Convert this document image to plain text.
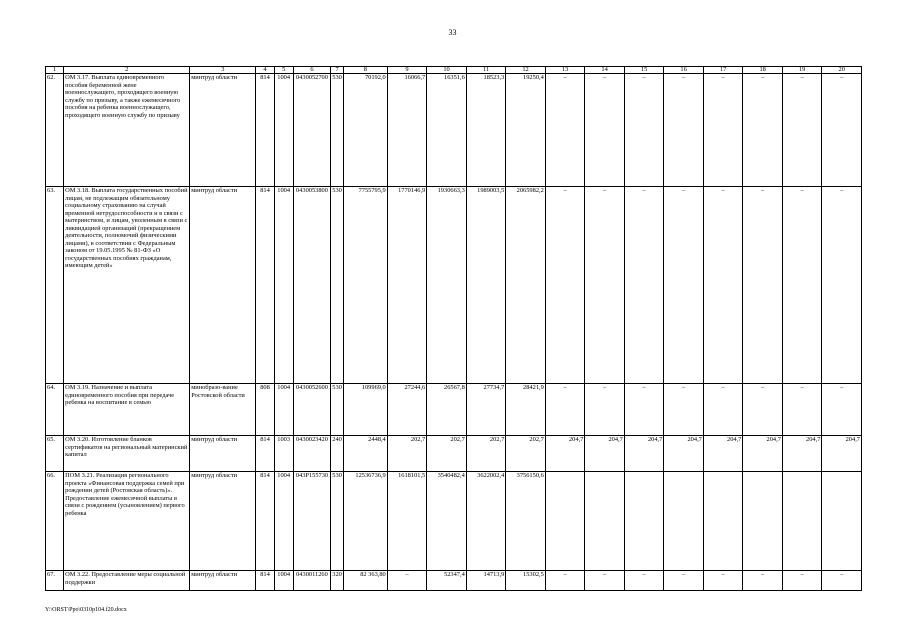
33
1	2	3	4	5	6	7	8	9	10	11	12	13	14	15	16	17	18	19	20
62.	ОМ 3.17. Выплата единовременного пособия беременной жене военнослужащего, проходящего военную службу по призыву, а также ежемесячного пособия на ребенка военнослужащего, проходящего военную службу по призыву	минтруд области	814	1004	0430052700	530	70192,0	16066,7	16351,6	18523,3	19250,4	–	–	–	–	–	–	–	–
63.	ОМ 3.18. Выплата государственных пособий лицам, не подлежащим обязательному социальному страхованию на случай временной нетрудоспособности и в связи с материнством, и лицам, уволенным в связи с ликвидацией организаций (прекращением деятельности, полномочий физическими лицами), в соответствии с Федеральным законом от 19.05.1995 № 81-ФЗ «О государственных пособиях гражданам, имеющим детей»	минтруд области	814	1004	0430053800	530	7755795,9	1770146,9	1930663,3	1989003,5	2065982,2	–	–	–	–	–	–	–	–
64.	ОМ 3.19. Назначение и выплата единовременного пособия при передаче ребенка на воспитание в семью	минобразо-вание Ростовской области	808	1004	0430052600	530	109969,0	27244,6	26567,8	27734,7	28421,9	–	–	–	–	–	–	–	–
65.	ОМ 3.20. Изготовление бланков сертификатов на региональный материнский капитал	минтруд области	814	1003	0430023420	240	2448,4	202,7	202,7	202,7	202,7	204,7	204,7	204,7	204,7	204,7	204,7	204,7	204,7
66.	ПОМ 3.21. Реализация регионального проекта «Финансовая поддержка семей при рождении детей (Ростовская область)». Предоставление ежемесячной выплаты в связи с рождением (усыновлением) первого ребенка	минтруд области	814	1004	043P155730	530	12536736,9	1618101,5	3540482,4	3622002,4	3756150,6								
67.	ОМ 3.22. Предоставление меры социальной поддержки	минтруд области	814	1004	0430011260	320	82 363,80	–	52347,4	14713,9	15302,5	–	–	–	–	–	–	–	–
Y:\ORST\Ppo\0310p104.f20.docx
